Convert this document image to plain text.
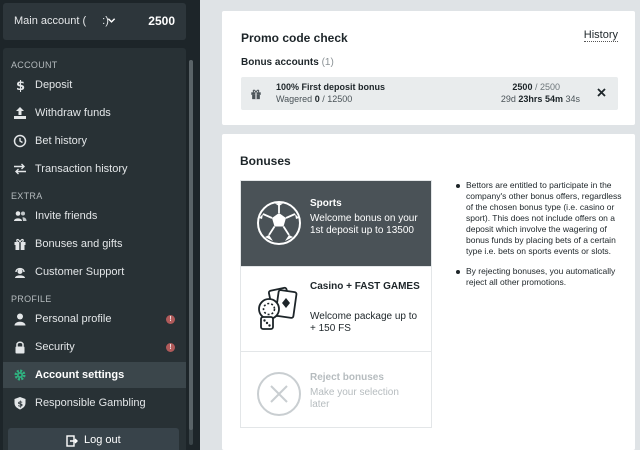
Main account ( :)	2500
ACCOUNT
$ Deposit
Withdraw funds
Bet history
Transaction history
EXTRA
Invite friends
Bonuses and gifts
Customer Support
PROFILE
Personal profile	!
Security	!
Account settings
$ Responsible Gambling
Log out
Promo code check	History
Bonus accounts (1)
100% First deposit bonus
Wagered 0 / 12500
2500 / 2500
29d 23hrs 54m 34s
Bonuses
Sports
Welcome bonus on your 1st deposit up to 13500
Casino + FAST GAMES
Welcome package up to + 150 FS
Reject bonuses
Make your selection later
Bettors are entitled to participate in the company's other bonus offers, regardless of the chosen bonus type (i.e. casino or sport). This does not include offers on a deposit which involve the wagering of bonus funds by placing bets of a certain type i.e. bets on sports events or slots.
By rejecting bonuses, you automatically reject all other promotions.
